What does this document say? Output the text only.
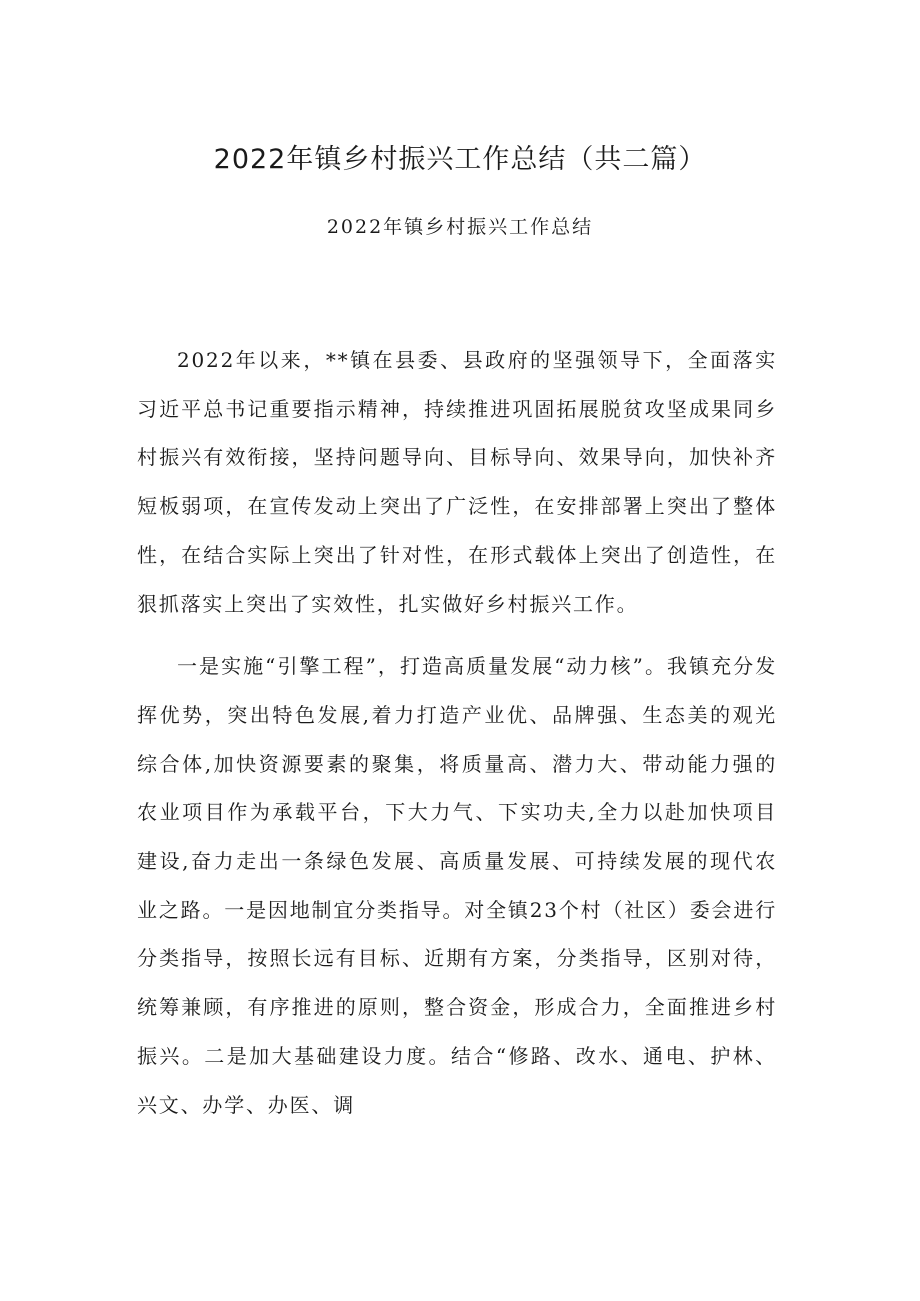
2022年镇乡村振兴工作总结（共二篇）
2022年镇乡村振兴工作总结

2022年以来，**镇在县委、县政府的坚强领导下，全面落实习近平总书记重要指示精神，持续推进巩固拓展脱贫攻坚成果同乡村振兴有效衔接，坚持问题导向、目标导向、效果导向，加快补齐短板弱项，在宣传发动上突出了广泛性，在安排部署上突出了整体性，在结合实际上突出了针对性，在形式载体上突出了创造性，在狠抓落实上突出了实效性，扎实做好乡村振兴工作。

一是实施“引擎工程”，打造高质量发展“动力核”。我镇充分发挥优势，突出特色发展,着力打造产业优、品牌强、生态美的观光综合体,加快资源要素的聚集，将质量高、潜力大、带动能力强的农业项目作为承载平台，下大力气、下实功夫,全力以赴加快项目建设,奋力走出一条绿色发展、高质量发展、可持续发展的现代农业之路。一是因地制宜分类指导。对全镇23个村（社区）委会进行分类指导，按照长远有目标、近期有方案，分类指导，区别对待，统筹兼顾，有序推进的原则，整合资金，形成合力，全面推进乡村振兴。二是加大基础建设力度。结合“修路、改水、通电、护林、兴文、办学、办医、调
